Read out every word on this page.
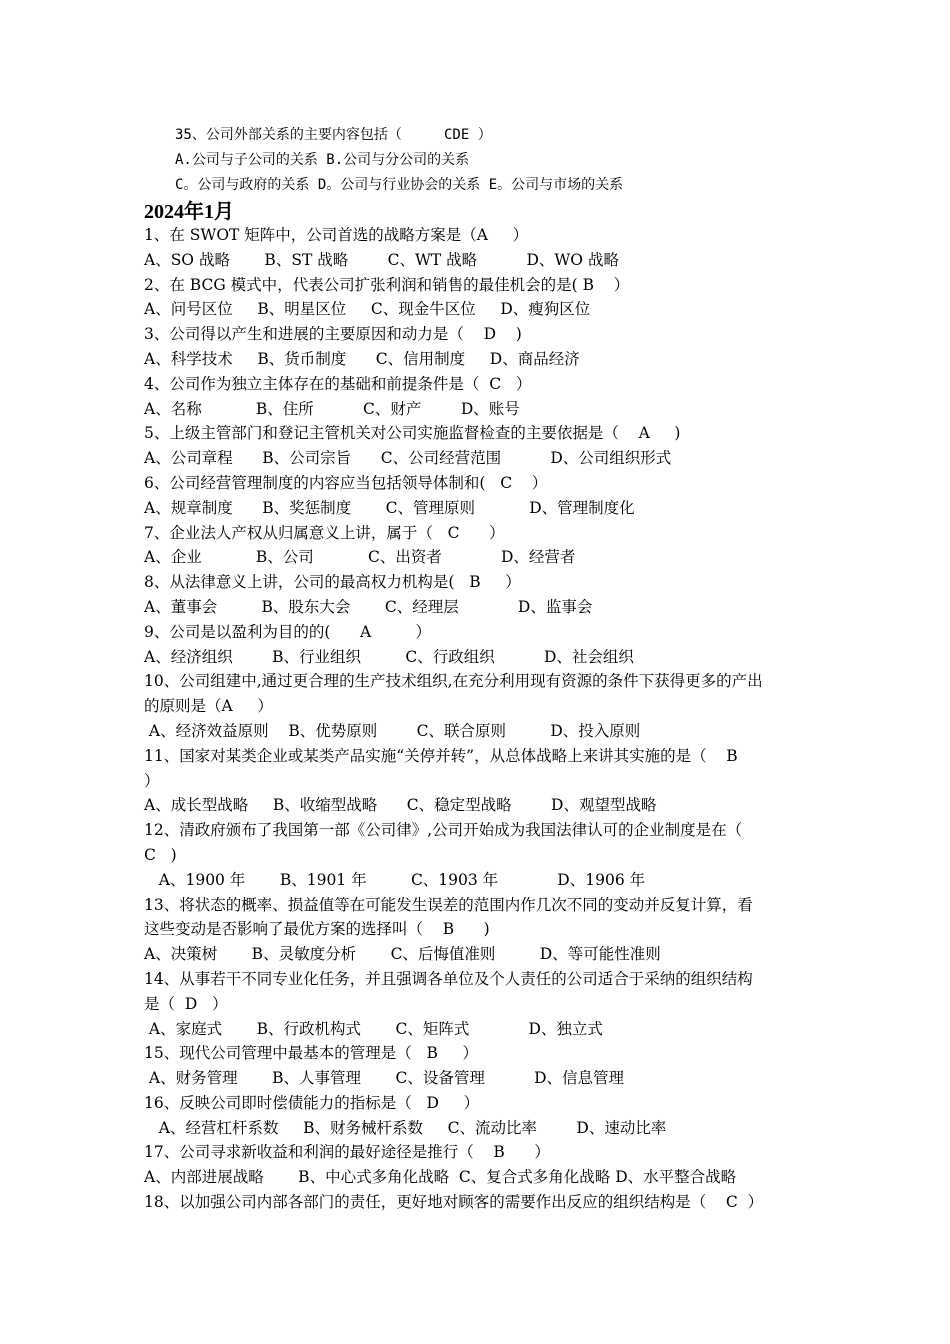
35、公司外部关系的主要内容包括（     CDE ）
A.公司与子公司的关系 B.公司与分公司的关系
C。公司与政府的关系 D。公司与行业协会的关系 E。公司与市场的关系
2024年1月
1、在 SWOT 矩阵中，公司首选的战略方案是（A     ）
A、SO 战略       B、ST 战略        C、WT 战略          D、WO 战略
2、在 BCG 模式中，代表公司扩张利润和销售的最佳机会的是( B    ）
A、问号区位     B、明星区位     C、现金牛区位     D、瘦狗区位
3、公司得以产生和进展的主要原因和动力是（    D    )
A、科学技术     B、货币制度      C、信用制度     D、商品经济
4、公司作为独立主体存在的基础和前提条件是（  C   ）
A、名称           B、住所          C、财产        D、账号
5、上级主管部门和登记主管机关对公司实施监督检查的主要依据是（    A     )
A、公司章程      B、公司宗旨      C、公司经营范围          D、公司组织形式
6、公司经营管理制度的内容应当包括领导体制和(   C    ）
A、规章制度      B、奖惩制度       C、管理原则           D、管理制度化
7、企业法人产权从归属意义上讲，属于（   C      ）
A、企业           B、公司           C、出资者            D、经营者
8、从法律意义上讲，公司的最高权力机构是(   B     ）
A、董事会         B、股东大会       C、经理层            D、监事会
9、公司是以盈利为目的的(      A         ）
A、经济组织        B、行业组织         C、行政组织          D、社会组织
10、公司组建中,通过更合理的生产技术组织,在充分利用现有资源的条件下获得更多的产出
的原则是（A     ）
A、经济效益原则    B、优势原则        C、联合原则         D、投入原则
11、国家对某类企业或某类产品实施“关停并转”，从总体战略上来讲其实施的是（    B
）
A、成长型战略     B、收缩型战略      C、稳定型战略        D、观望型战略
12、清政府颁布了我国第一部《公司律》,公司开始成为我国法律认可的企业制度是在（
C   )
A、1900 年       B、1901 年         C、1903 年            D、1906 年
13、将状态的概率、损益值等在可能发生误差的范围内作几次不同的变动并反复计算，看
这些变动是否影响了最优方案的选择叫（    B      )
A、决策树       B、灵敏度分析       C、后悔值准则         D、等可能性准则
14、从事若干不同专业化任务，并且强调各单位及个人责任的公司适合于采纳的组织结构
是（  D   ）
A、家庭式       B、行政机构式       C、矩阵式            D、独立式
15、现代公司管理中最基本的管理是（   B     ）
A、财务管理       B、人事管理       C、设备管理          D、信息管理
16、反映公司即时偿债能力的指标是（   D     ）
A、经营杠杆系数     B、财务械杆系数     C、流动比率        D、速动比率
17、公司寻求新收益和利润的最好途径是推行（    B      ）
A、内部进展战略       B、中心式多角化战略  C、复合式多角化战略 D、水平整合战略
18、以加强公司内部各部门的责任，更好地对顾客的需要作出反应的组织结构是（    C  ）
